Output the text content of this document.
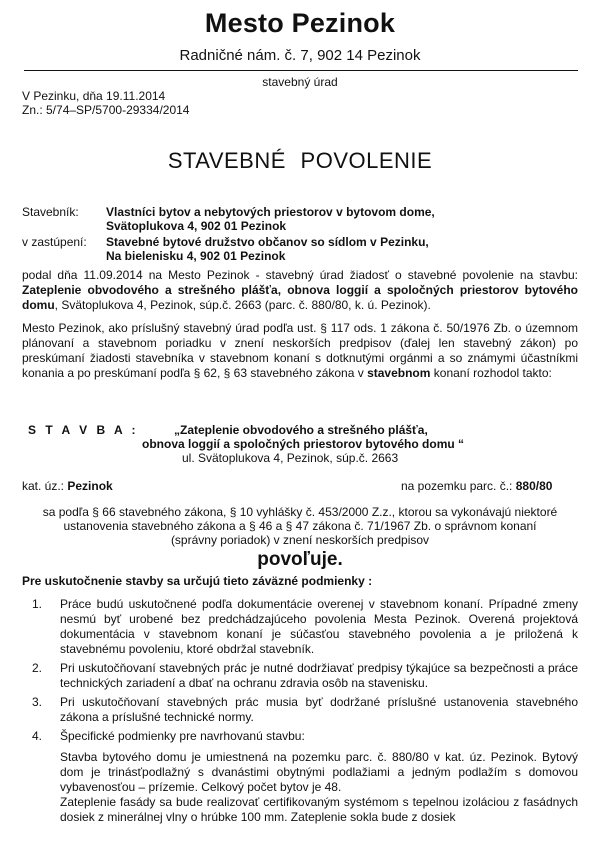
Mesto Pezinok
Radničné nám. č. 7, 902 14 Pezinok
stavebný úrad
V Pezinku, dňa 19.11.2014
Zn.: 5/74–SP/5700-29334/2014
STAVEBNÉ POVOLENIE
Stavebník: Vlastníci bytov a nebytových priestorov v bytovom dome,
Svätoplukova 4, 902 01 Pezinok
v zastúpení: Stavebné bytové družstvo občanov so sídlom v Pezinku,
Na bielenisku 4, 902 01 Pezinok
podal dňa 11.09.2014 na Mesto Pezinok - stavebný úrad žiadosť o stavebné povolenie na stavbu: Zateplenie obvodového a strešného plášťa, obnova loggií a spoločných priestorov bytového domu, Svätoplukova 4, Pezinok, súp.č. 2663 (parc. č. 880/80, k. ú. Pezinok).
Mesto Pezinok, ako príslušný stavebný úrad podľa ust. § 117 ods. 1 zákona č. 50/1976 Zb. o územnom plánovaní a stavebnom poriadku v znení neskorších predpisov (ďalej len stavebný zákon) po preskúmaní žiadosti stavebníka v stavebnom konaní s dotknutými orgánmi a so známymi účastníkmi konania a po preskúmaní podľa § 62, § 63 stavebného zákona v stavebnom konaní rozhodol takto:
S T A V B A :	„Zateplenie obvodového a strešného plášťa,
obnova loggií a spoločných priestorov bytového domu “
ul. Svätoplukova 4, Pezinok, súp.č. 2663
kat. úz.: Pezinok	na pozemku parc. č.: 880/80
sa podľa § 66 stavebného zákona, § 10 vyhlášky č. 453/2000 Z.z., ktorou sa vykonávajú niektoré
ustanovenia stavebného zákona a § 46 a § 47 zákona č. 71/1967 Zb. o správnom konaní
(správny poriadok) v znení neskorších predpisov
povoľuje.
Pre uskutočnenie stavby sa určujú tieto záväzné podmienky :
1.	Práce budú uskutočnené podľa dokumentácie overenej v stavebnom konaní. Prípadné zmeny nesmú byť urobené bez predchádzajúceho povolenia Mesta Pezinok. Overená projektová dokumentácia v stavebnom konaní je súčasťou stavebného povolenia a je priložená k stavebnému povoleniu, ktoré obdržal stavebník.
2.	Pri uskutočňovaní stavebných prác je nutné dodržiavať predpisy týkajúce sa bezpečnosti a práce technických zariadení a dbať na ochranu zdravia osôb na stavenisku.
3.	Pri uskutočňovaní stavebných prác musia byť dodržané príslušné ustanovenia stavebného zákona a príslušné technické normy.
4.	Špecifické podmienky pre navrhovanú stavbu:
Stavba bytového domu je umiestnená na pozemku parc. č. 880/80 v kat. úz. Pezinok. Bytový dom je trinásťpodlažný s dvanástimi obytnými podlažiami a jedným podlažím s domovou vybavenosťou – prízemie. Celkový počet bytov je 48.
Zateplenie fasády sa bude realizovať certifikovaným systémom s tepelnou izoláciou z fasádnych dosiek z minerálnej vlny o hrúbke 100 mm. Zateplenie sokla bude z dosiek
